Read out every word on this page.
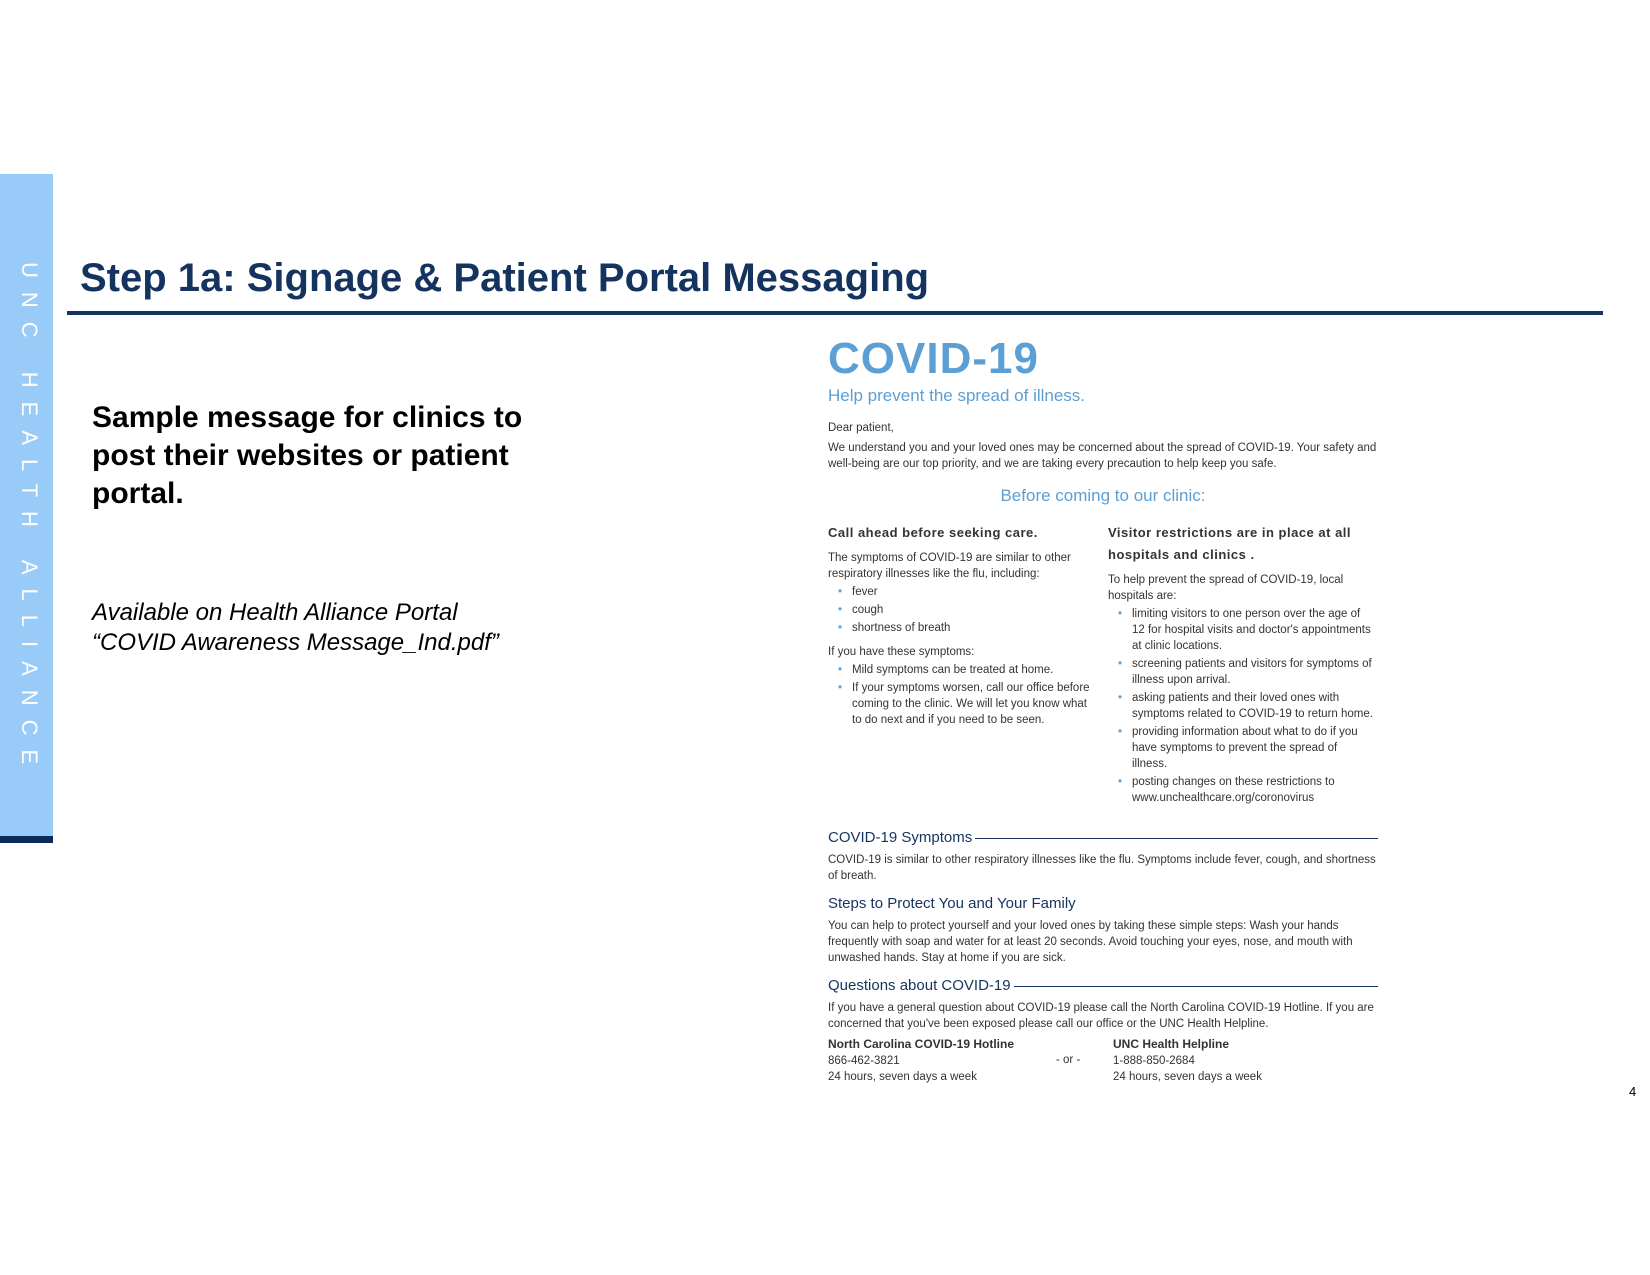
UNC HEALTH ALLIANCE Step 1a: Signage & Patient Portal Messaging
Sample message for clinics to post their websites or patient portal.
Available on Health Alliance Portal
“COVID Awareness Message_Ind.pdf”
COVID-19
Help prevent the spread of illness.
Dear patient,
We understand you and your loved ones may be concerned about the spread of COVID-19. Your safety and well-being are our top priority, and we are taking every precaution to help keep you safe.
Before coming to our clinic:
Call ahead before seeking care.

The symptoms of COVID-19 are similar to other respiratory illnesses like the flu, including:

• fever
• cough
• shortness of breath

If you have these symptoms:

• Mild symptoms can be treated at home.
• If your symptoms worsen, call our office before coming to the clinic. We will let you know what to do next and if you need to be seen.
Visitor restrictions are in place at all hospitals and clinics .

To help prevent the spread of COVID-19, local hospitals are:

• limiting visitors to one person over the age of 12 for hospital visits and doctor's appointments at clinic locations.
• screening patients and visitors for symptoms of illness upon arrival.
• asking patients and their loved ones with symptoms related to COVID-19 to return home.
• providing information about what to do if you have symptoms to prevent the spread of illness.
• posting changes on these restrictions to www.unchealthcare.org/coronovirus
COVID-19 Symptoms
COVID-19 is similar to other respiratory illnesses like the flu. Symptoms include fever, cough, and shortness of breath.
Steps to Protect You and Your Family
You can help to protect yourself and your loved ones by taking these simple steps: Wash your hands frequently with soap and water for at least 20 seconds. Avoid touching your eyes, nose, and mouth with unwashed hands. Stay at home if you are sick.
Questions about COVID-19
If you have a general question about COVID-19 please call the North Carolina COVID-19 Hotline. If you are concerned that you've been exposed please call our office or the UNC Health Helpline.
North Carolina COVID-19 Hotline
866-462-3821
24 hours, seven days a week
- or -
UNC Health Helpline
1-888-850-2684
24 hours, seven days a week
4
